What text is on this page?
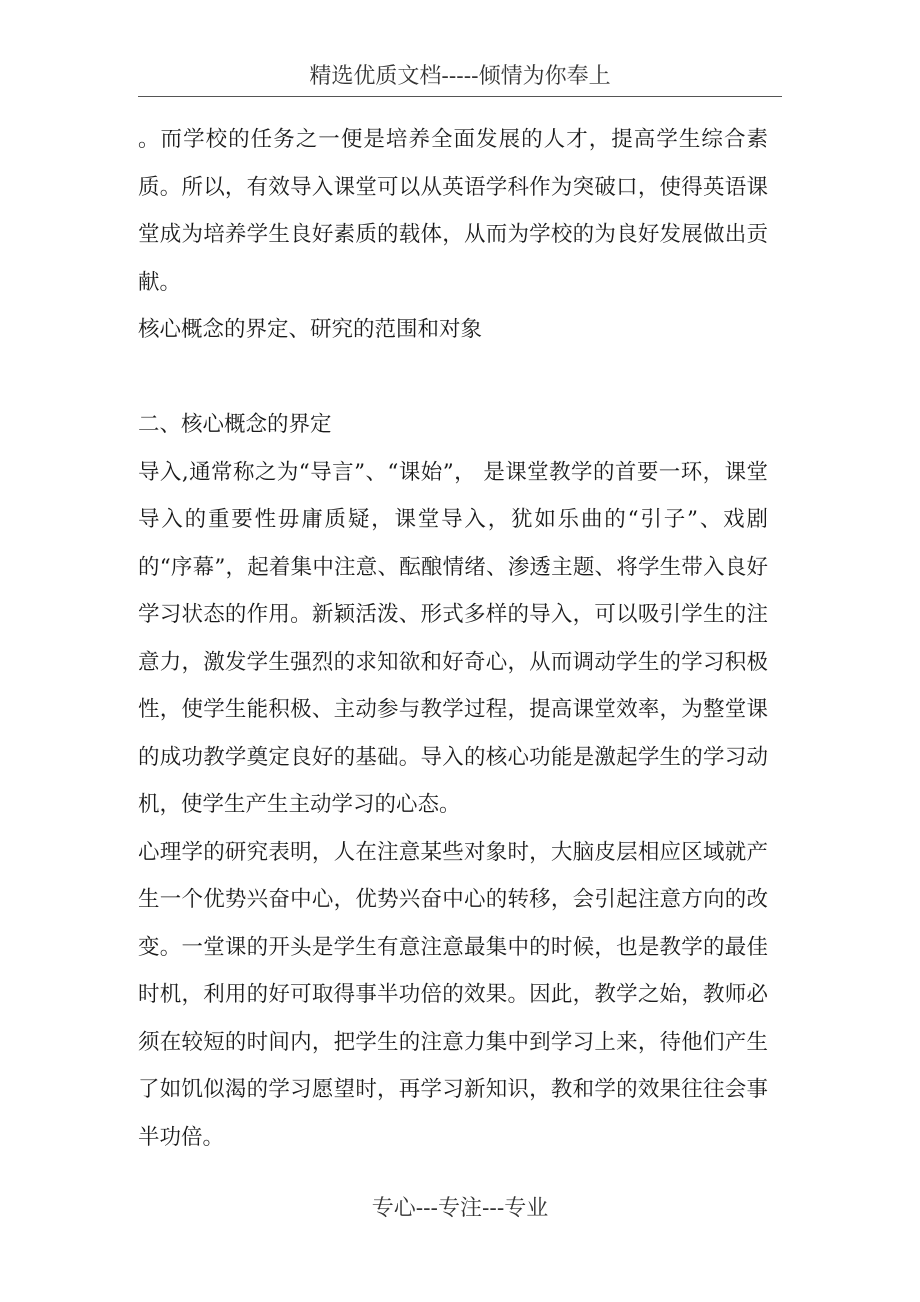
精选优质文档-----倾情为你奉上

。而学校的任务之一便是培养全面发展的人才，提高学生综合素质。所以，有效导入课堂可以从英语学科作为突破口，使得英语课堂成为培养学生良好素质的载体，从而为学校的为良好发展做出贡献。

核心概念的界定、研究的范围和对象

二、核心概念的界定

导入,通常称之为“导言”、“课始”， 是课堂教学的首要一环，课堂导入的重要性毋庸质疑，课堂导入，犹如乐曲的“引子”、戏剧的“序幕”，起着集中注意、酝酿情绪、渗透主题、将学生带入良好学习状态的作用。新颖活泼、形式多样的导入，可以吸引学生的注意力，激发学生强烈的求知欲和好奇心，从而调动学生的学习积极性，使学生能积极、主动参与教学过程，提高课堂效率，为整堂课的成功教学奠定良好的基础。导入的核心功能是激起学生的学习动机，使学生产生主动学习的心态。

心理学的研究表明，人在注意某些对象时，大脑皮层相应区域就产生一个优势兴奋中心，优势兴奋中心的转移，会引起注意方向的改变。一堂课的开头是学生有意注意最集中的时候，也是教学的最佳时机，利用的好可取得事半功倍的效果。因此，教学之始，教师必须在较短的时间内，把学生的注意力集中到学习上来，待他们产生了如饥似渴的学习愿望时，再学习新知识，教和学的效果往往会事半功倍。

专心---专注---专业
